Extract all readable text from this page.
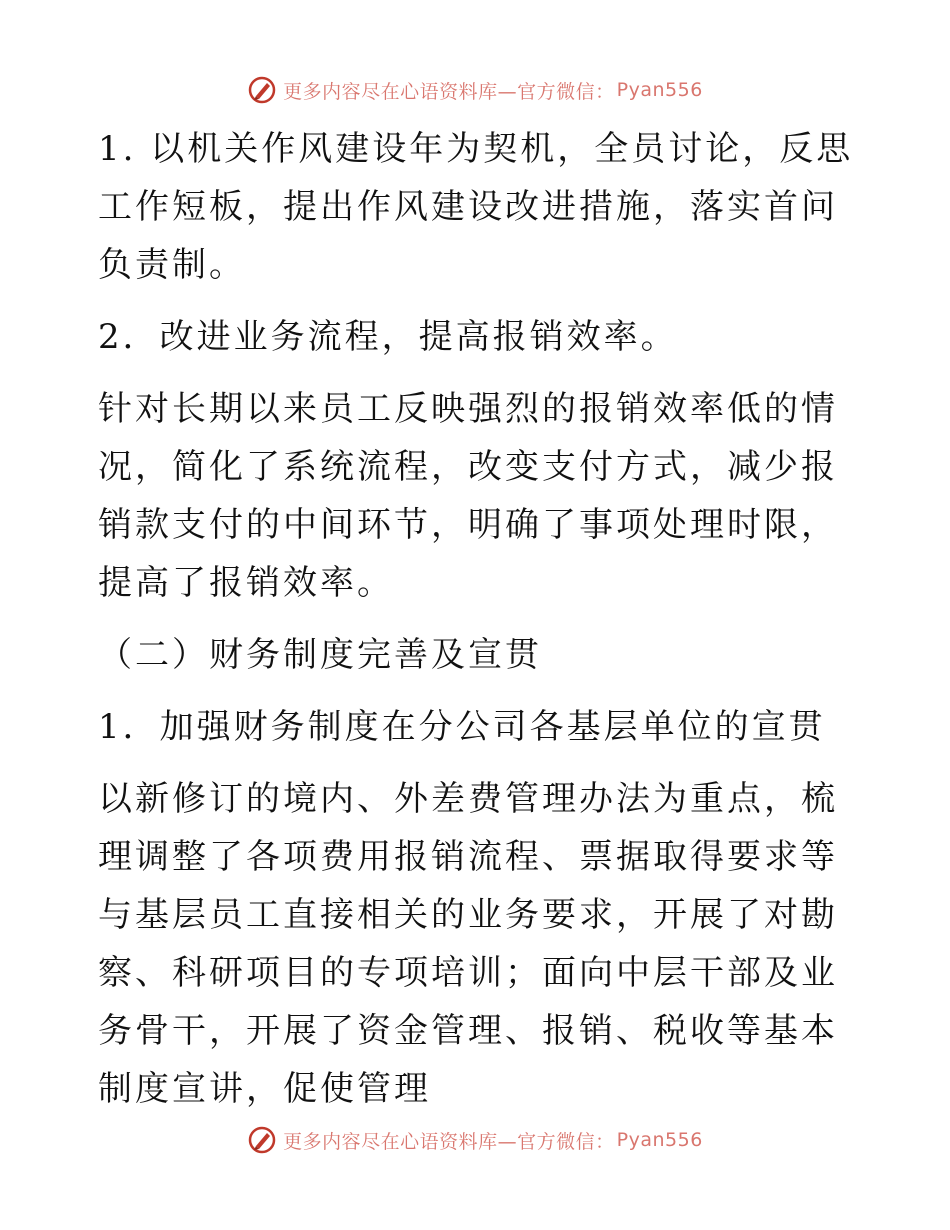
更多内容尽在心语资料库—官方微信： Pyan556

1. 以机关作风建设年为契机，全员讨论，反思工作短板，提出作风建设改进措施，落实首问负责制。

2．改进业务流程，提高报销效率。

针对长期以来员工反映强烈的报销效率低的情况，简化了系统流程，改变支付方式，减少报销款支付的中间环节，明确了事项处理时限，提高了报销效率。

（二）财务制度完善及宣贯

1．加强财务制度在分公司各基层单位的宣贯

以新修订的境内、外差费管理办法为重点，梳理调整了各项费用报销流程、票据取得要求等与基层员工直接相关的业务要求，开展了对勘察、科研项目的专项培训；面向中层干部及业务骨干，开展了资金管理、报销、税收等基本制度宣讲，促使管理

更多内容尽在心语资料库—官方微信： Pyan556
